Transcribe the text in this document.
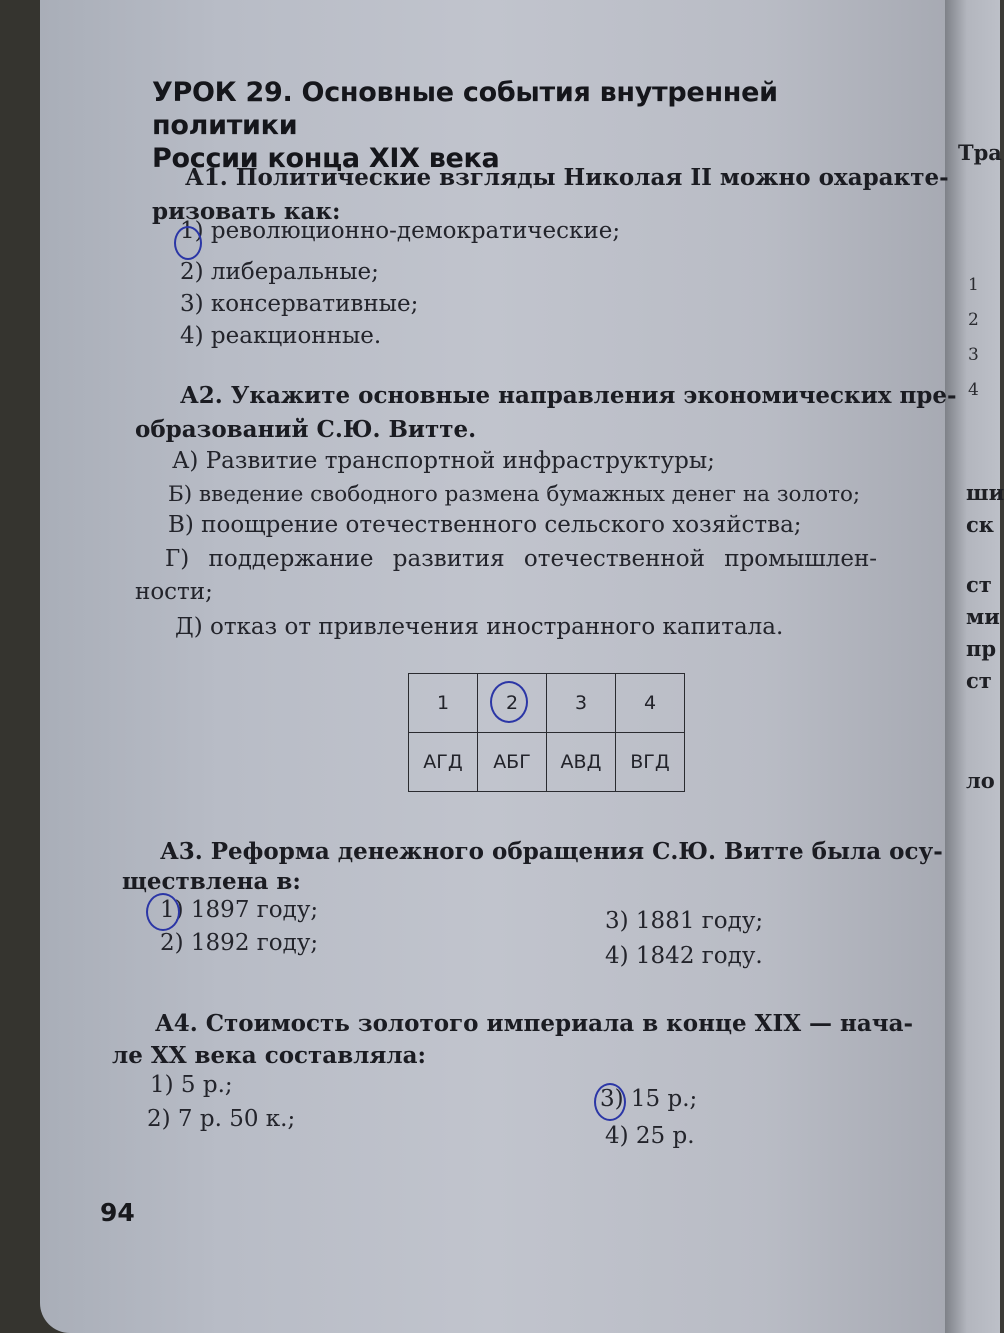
УРОК 29. Основные события внутренней политики
России конца XIX века
А1. Политические взгляды Николая II можно охаракте-
ризовать как:
1) революционно-демократические;
2) либеральные;
3) консервативные;
4) реакционные.
А2. Укажите основные направления экономических пре-
образований С.Ю. Витте.
А) Развитие транспортной инфраструктуры;
Б) введение свободного размена бумажных денег на золото;
В) поощрение отечественного сельского хозяйства;
Г) поддержание развития отечественной промышлен-
ности;
Д) отказ от привлечения иностранного капитала.
1	2	3	4
АГД	АБГ	АВД	ВГД
А3. Реформа денежного обращения С.Ю. Витте была осу-
ществлена в:
1) 1897 году;
2) 1892 году;
3) 1881 году;
4) 1842 году.
А4. Стоимость золотого империала в конце XIX — нача-
ле XX века составляла:
1) 5 р.;
2) 7 р. 50 к.;
3) 15 р.;
4) 25 р.
94
Тра
1
2
3
4
ши
ск
ст
ми
пр
ст
ло
